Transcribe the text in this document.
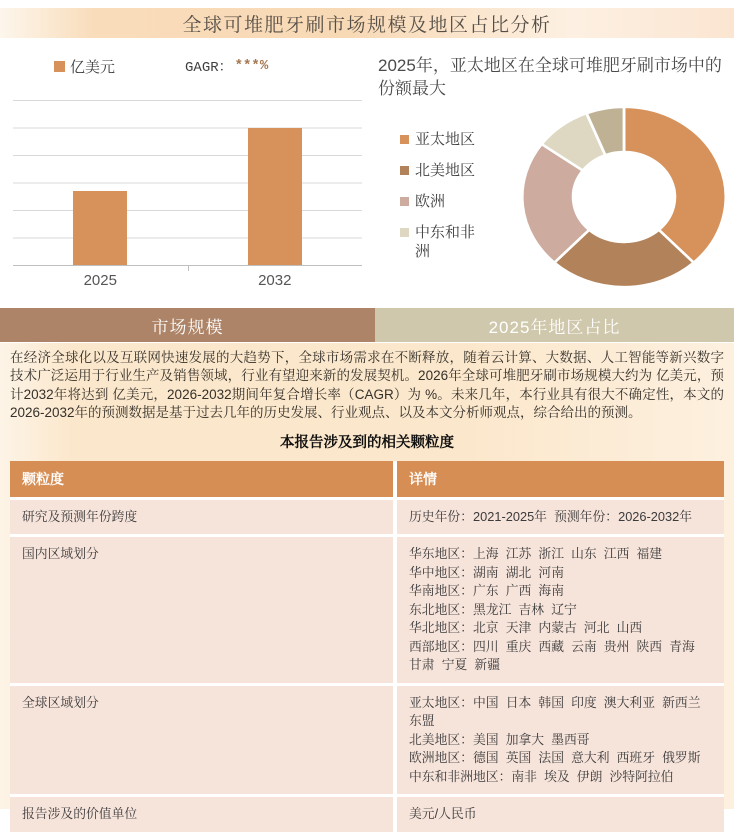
全球可堆肥牙刷市场规模及地区占比分析
亿美元	GAGR： ***%
2025	2032
2025年，亚太地区在全球可堆肥牙刷市场中的份额最大
亚太地区
北美地区
欧洲
中东和非洲
市场规模	2025年地区占比
在经济全球化以及互联网快速发展的大趋势下，全球市场需求在不断释放，随着云计算、大数据、人工智能等新兴数字技术广泛运用于行业生产及销售领域，行业有望迎来新的发展契机。2026年全球可堆肥牙刷市场规模大约为 亿美元，预计2032年将达到 亿美元，2026-2032期间年复合增长率（CAGR）为 %。未来几年，本行业具有很大不确定性，本文的2026-2032年的预测数据是基于过去几年的历史发展、行业观点、以及本文分析师观点，综合给出的预测。
本报告涉及到的相关颗粒度
颗粒度	详情
研究及预测年份跨度	历史年份：2021-2025年  预测年份：2026-2032年

国内区域划分	华东地区：上海  江苏  浙江  山东  江西  福建
华中地区：湖南  湖北  河南
华南地区：广东  广西  海南
东北地区：黑龙江  吉林  辽宁
华北地区：北京  天津  内蒙古  河北  山西
西部地区：四川  重庆  西藏  云南  贵州  陕西  青海  甘肃  宁夏  新疆

全球区域划分	亚太地区：中国  日本  韩国  印度  澳大利亚  新西兰  东盟
北美地区：美国  加拿大  墨西哥
欧洲地区：德国  英国  法国  意大利  西班牙  俄罗斯
中东和非洲地区：南非  埃及  伊朗  沙特阿拉伯

报告涉及的价值单位	美元/人民币
